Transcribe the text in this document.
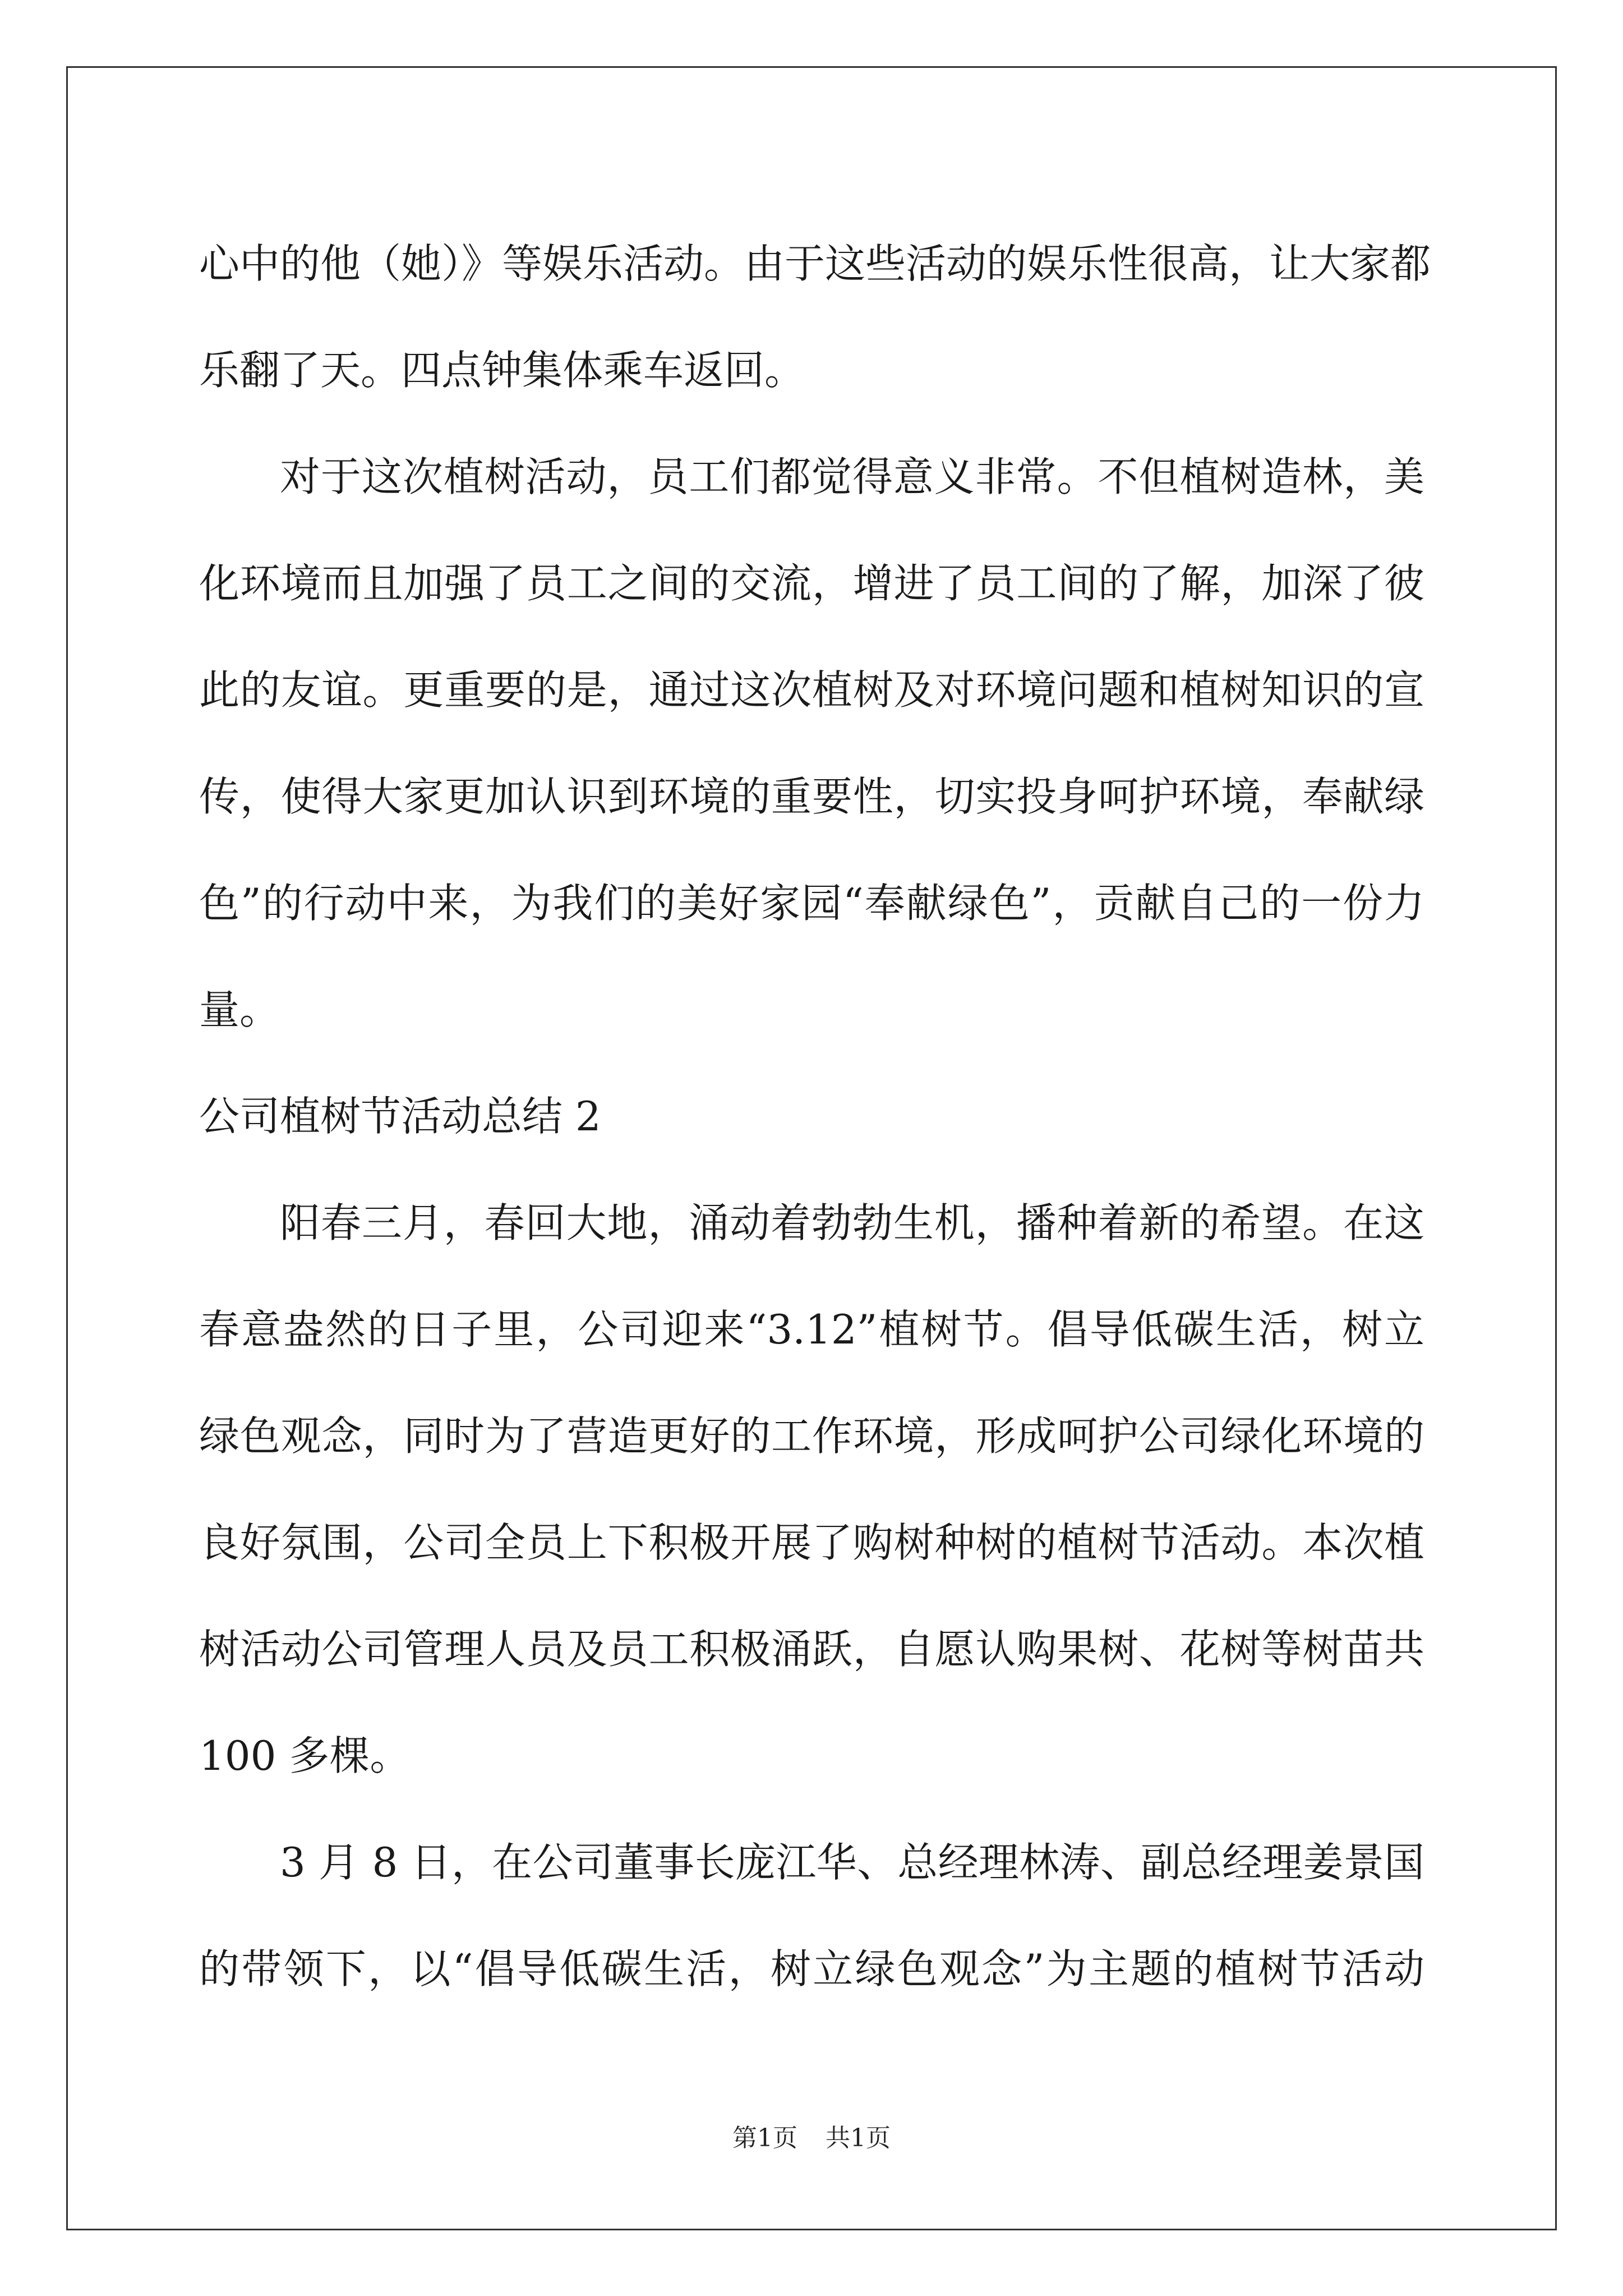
心中的他（她）》等娱乐活动。由于这些活动的娱乐性很高，让大家都
乐翻了天。四点钟集体乘车返回。
对于这次植树活动，员工们都觉得意义非常。不但植树造林，美
化环境而且加强了员工之间的交流，增进了员工间的了解，加深了彼
此的友谊。更重要的是，通过这次植树及对环境问题和植树知识的宣
传，使得大家更加认识到环境的重要性，切实投身呵护环境，奉献绿
色”的行动中来，为我们的美好家园“奉献绿色”，贡献自己的一份力
量。
公司植树节活动总结 2
阳春三月，春回大地，涌动着勃勃生机，播种着新的希望。在这
春意盎然的日子里，公司迎来“3.12”植树节。倡导低碳生活，树立
绿色观念，同时为了营造更好的工作环境，形成呵护公司绿化环境的
良好氛围，公司全员上下积极开展了购树种树的植树节活动。本次植
树活动公司管理人员及员工积极涌跃，自愿认购果树、花树等树苗共
100 多棵。
3 月 8 日，在公司董事长庞江华、总经理林涛、副总经理姜景国
的带领下，以“倡导低碳生活，树立绿色观念”为主题的植树节活动
第1页 共1页
